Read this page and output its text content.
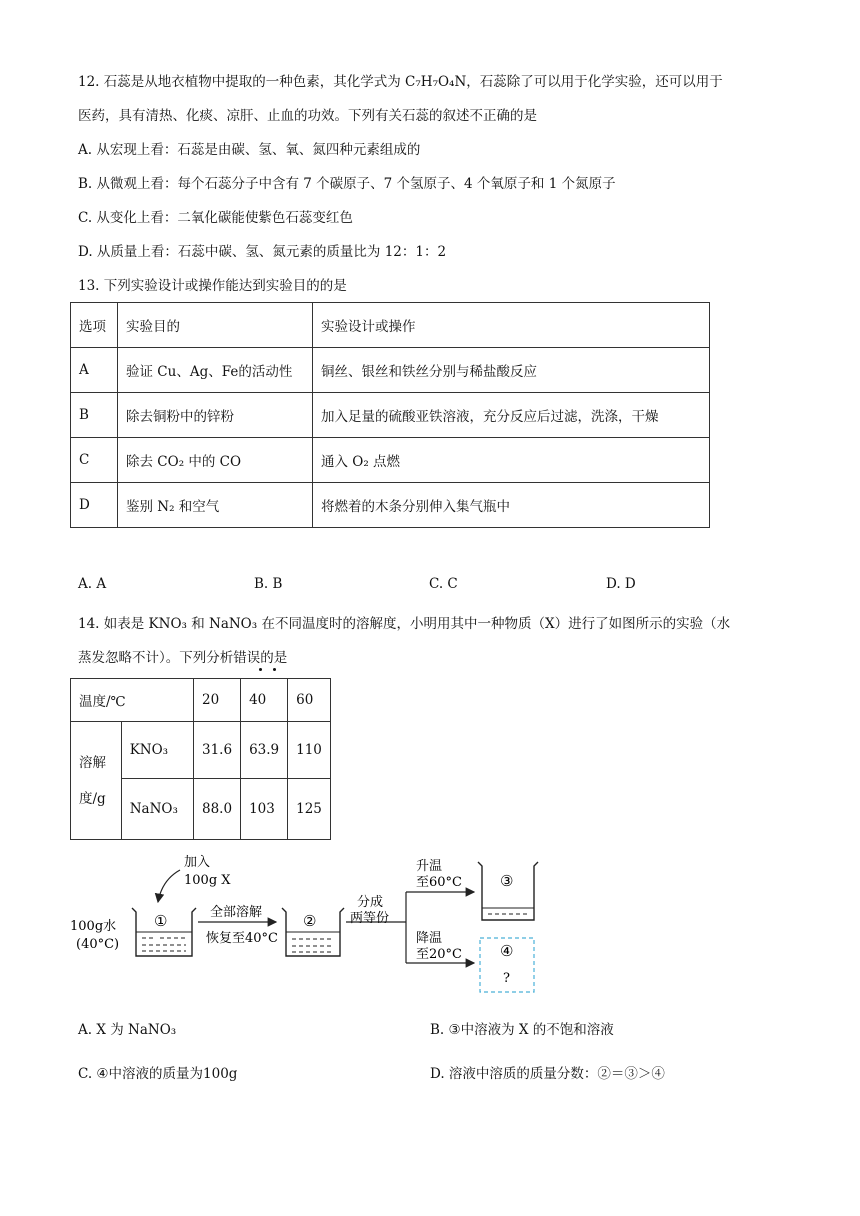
12. 石蕊是从地衣植物中提取的一种色素，其化学式为 C₇H₇O₄N，石蕊除了可以用于化学实验，还可以用于
医药，具有清热、化痰、凉肝、止血的功效。下列有关石蕊的叙述不正确的是
A. 从宏现上看：石蕊是由碳、氢、氧、氮四种元素组成的
B. 从微观上看：每个石蕊分子中含有 7 个碳原子、7 个氢原子、4 个氧原子和 1 个氮原子
C. 从变化上看：二氧化碳能使紫色石蕊变红色
D. 从质量上看：石蕊中碳、氢、氮元素的质量比为 12：1：2
13. 下列实验设计或操作能达到实验目的的是
选项	实验目的	实验设计或操作
A	验证 Cu、Ag、Fe的活动性	铜丝、银丝和铁丝分别与稀盐酸反应
B	除去铜粉中的锌粉	加入足量的硫酸亚铁溶液，充分反应后过滤，洗涤，干燥
C	除去 CO₂ 中的 CO	通入 O₂ 点燃
D	鉴别 N₂ 和空气	将燃着的木条分别伸入集气瓶中
A. A	B. B	C. C	D. D
14. 如表是 KNO₃ 和 NaNO₃ 在不同温度时的溶解度，小明用其中一种物质（X）进行了如图所示的实验（水
蒸发忽略不计）。下列分析错误的是
温度/℃		20	40	60

溶解
度/g	KNO₃	31.6	63.9	110
	NaNO₃	88.0	103	125
加入
100g X
100g水
(40°C)
①	全部溶解
恢复至40°C
②
分成
两等份
升温
至60°C
降温
至20°C
③
④
?
A. X 为 NaNO₃	B. ③中溶液为 X 的不饱和溶液
C. ④中溶液的质量为100g	D. 溶液中溶质的质量分数：②＝③＞④
